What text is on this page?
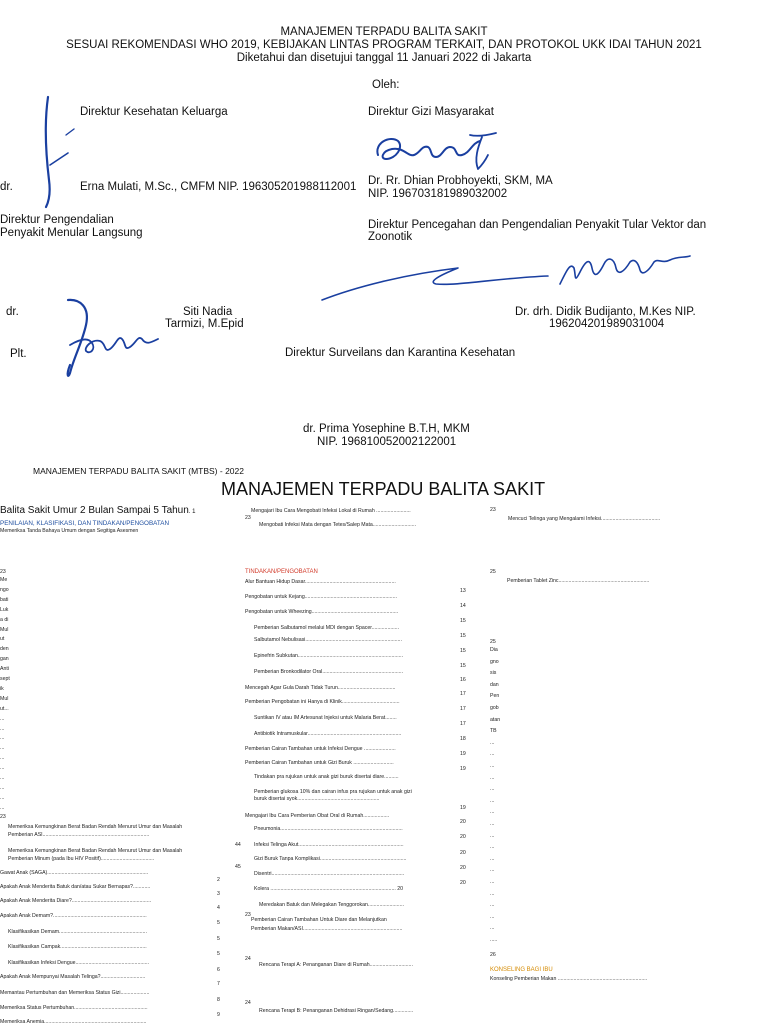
MANAJEMEN TERPADU BALITA SAKIT
SESUAI REKOMENDASI WHO 2019, KEBIJAKAN LINTAS PROGRAM TERKAIT, DAN PROTOKOL UKK IDAI TAHUN 2021
Diketahui dan disetujui tanggal 11 Januari 2022 di Jakarta
Oleh:
Direktur Kesehatan Keluarga
dr.	Erna Mulati, M.Sc., CMFM NIP. 196305201988112001
Direktur Gizi Masyarakat
Dr. Rr. Dhian Probhoyekti, SKM, MA
NIP. 196703181989032002
Direktur Pengendalian
Penyakit Menular Langsung
dr.	Siti Nadia
Tarmizi, M.Epid
Plt.
Direktur Pencegahan dan Pengendalian Penyakit Tular Vektor dan
Zoonotik
Dr. drh. Didik Budijanto, M.Kes NIP.
196204201989031004
Direktur Surveilans dan Karantina Kesehatan
dr. Prima Yosephine B.T.H, MKM
NIP. 196810052002122001
MANAJEMEN TERPADU BALITA SAKIT (MTBS) - 2022
MANAJEMEN TERPADU BALITA SAKIT
Balita Sakit Umur 2 Bulan Sampai 5 Tahun. 1
PENILAIAN, KLASIFIKASI, DAN TINDAKAN/PENGOBATAN
Memeriksa Tanda Bahaya Umum dengan Segitiga Asesmen
23
Me
ngo
bati
Luk
a di
Mul
ut
den
gan
Anti
sept
ik
Mul
ut...
...
...
...
...
...
...
...
...
...
...
23
Memeriksa Kemungkinan Berat Badan Rendah Menurut Umur dan Masalah
Pemberian ASI..........................................................................
Memeriksa Kemungkinan Berat Badan Rendah Menurut Umur dan Masalah
Pemberian Minum (pada Ibu HIV Positif).....................................
Gawat Anak (SAGA)......................................................................
2
Apakah Anak Menderita Batuk dan/atau Sukar Bernapas?............
3
Apakah Anak Menderita Diare?.......................................................
4
Apakah Anak Demam?.................................................................
5
Klasifikasikan Demam.............................................................
5
Klasifikasikan Campak............................................................
5
Klasifikasikan Infeksi Dengue...................................................
6
Apakah Anak Mempunyai Masalah Telinga?...............................
7
Memantau Pertumbuhan dan Memeriksa Status Gizi....................
8
Memeriksa Status Pertumbuhan...................................................
9
Memeriksa Anemia.......................................................................
Mengajari Ibu Cara Mengobati Infeksi Lokal di Rumah ........................
23
Mengobati Infeksi Mata dengan Tetes/Salep Mata..............................
TINDAKAN/PENGOBATAN
Alur Bantuan Hidup Dasar...............................................................
13
Pengobatan untuk Kejang................................................................
14
Pengobatan untuk Wheezing............................................................
15
Pemberian Salbutamol melalui MDI dengan Spacer...................
15
Salbutamol Nebulisasi...................................................................
15
Epinefrin Subkutan.........................................................................
15
Pemberian Bronkodilator Oral........................................................
16
Mencegah Agar Gula Darah Tidak Turun........................................
17
Pemberian Pengobatan ini Hanya di Klinik........................................
17
Suntikan IV atau IM Artesunat Injeksi untuk Malaria Berat........
17
Antibiotik Intramuskular.................................................................
18
Pemberian Cairan Tambahan untuk Infeksi Dengue ......................
19
Pemberian Cairan Tambahan untuk Gizi Buruk ............................
19
Tindakan pra rujukan untuk anak gizi buruk disertai diare..........
Pemberian glukosa 10% dan cairan infus pra rujukan untuk anak gizi
buruk disertai syok.........................................................
19
Mengajari Ibu Cara Pemberian Obat Oral di Rumah..................
20
Pneumonia.....................................................................................
20
Infeksi Telinga Akut.........................................................................
20
Gizi Buruk Tanpa Komplikasi............................................................
20
Disentri............................................................................................
20
Kolera ....................................................................................... 20
Meredakan Batuk dan Melegakan Tenggorokan.........................
Pemberian Cairan Tambahan Untuk Diare dan Melanjutkan
Pemberian Makan/ASI.....................................................................
Rencana Terapi A: Penanganan Diare di Rumah..............................
Rencana Terapi B: Penanganan Dehidrasi Ringan/Sedang..............
44
45
23
24
24
23
Mencuci Telinga yang Mengalami Infeksi.........................................
25
Pemberian Tablet Zinc...............................................................
25
Dia
gno
sis
dan
Pen
gob
atan
TB
...
...
...
...
...
...
...
...
...
...
...
...
...
...
...
...
...
.....
26
KONSELING BAGI IBU
Konseling Pemberian Makan ..............................................................
